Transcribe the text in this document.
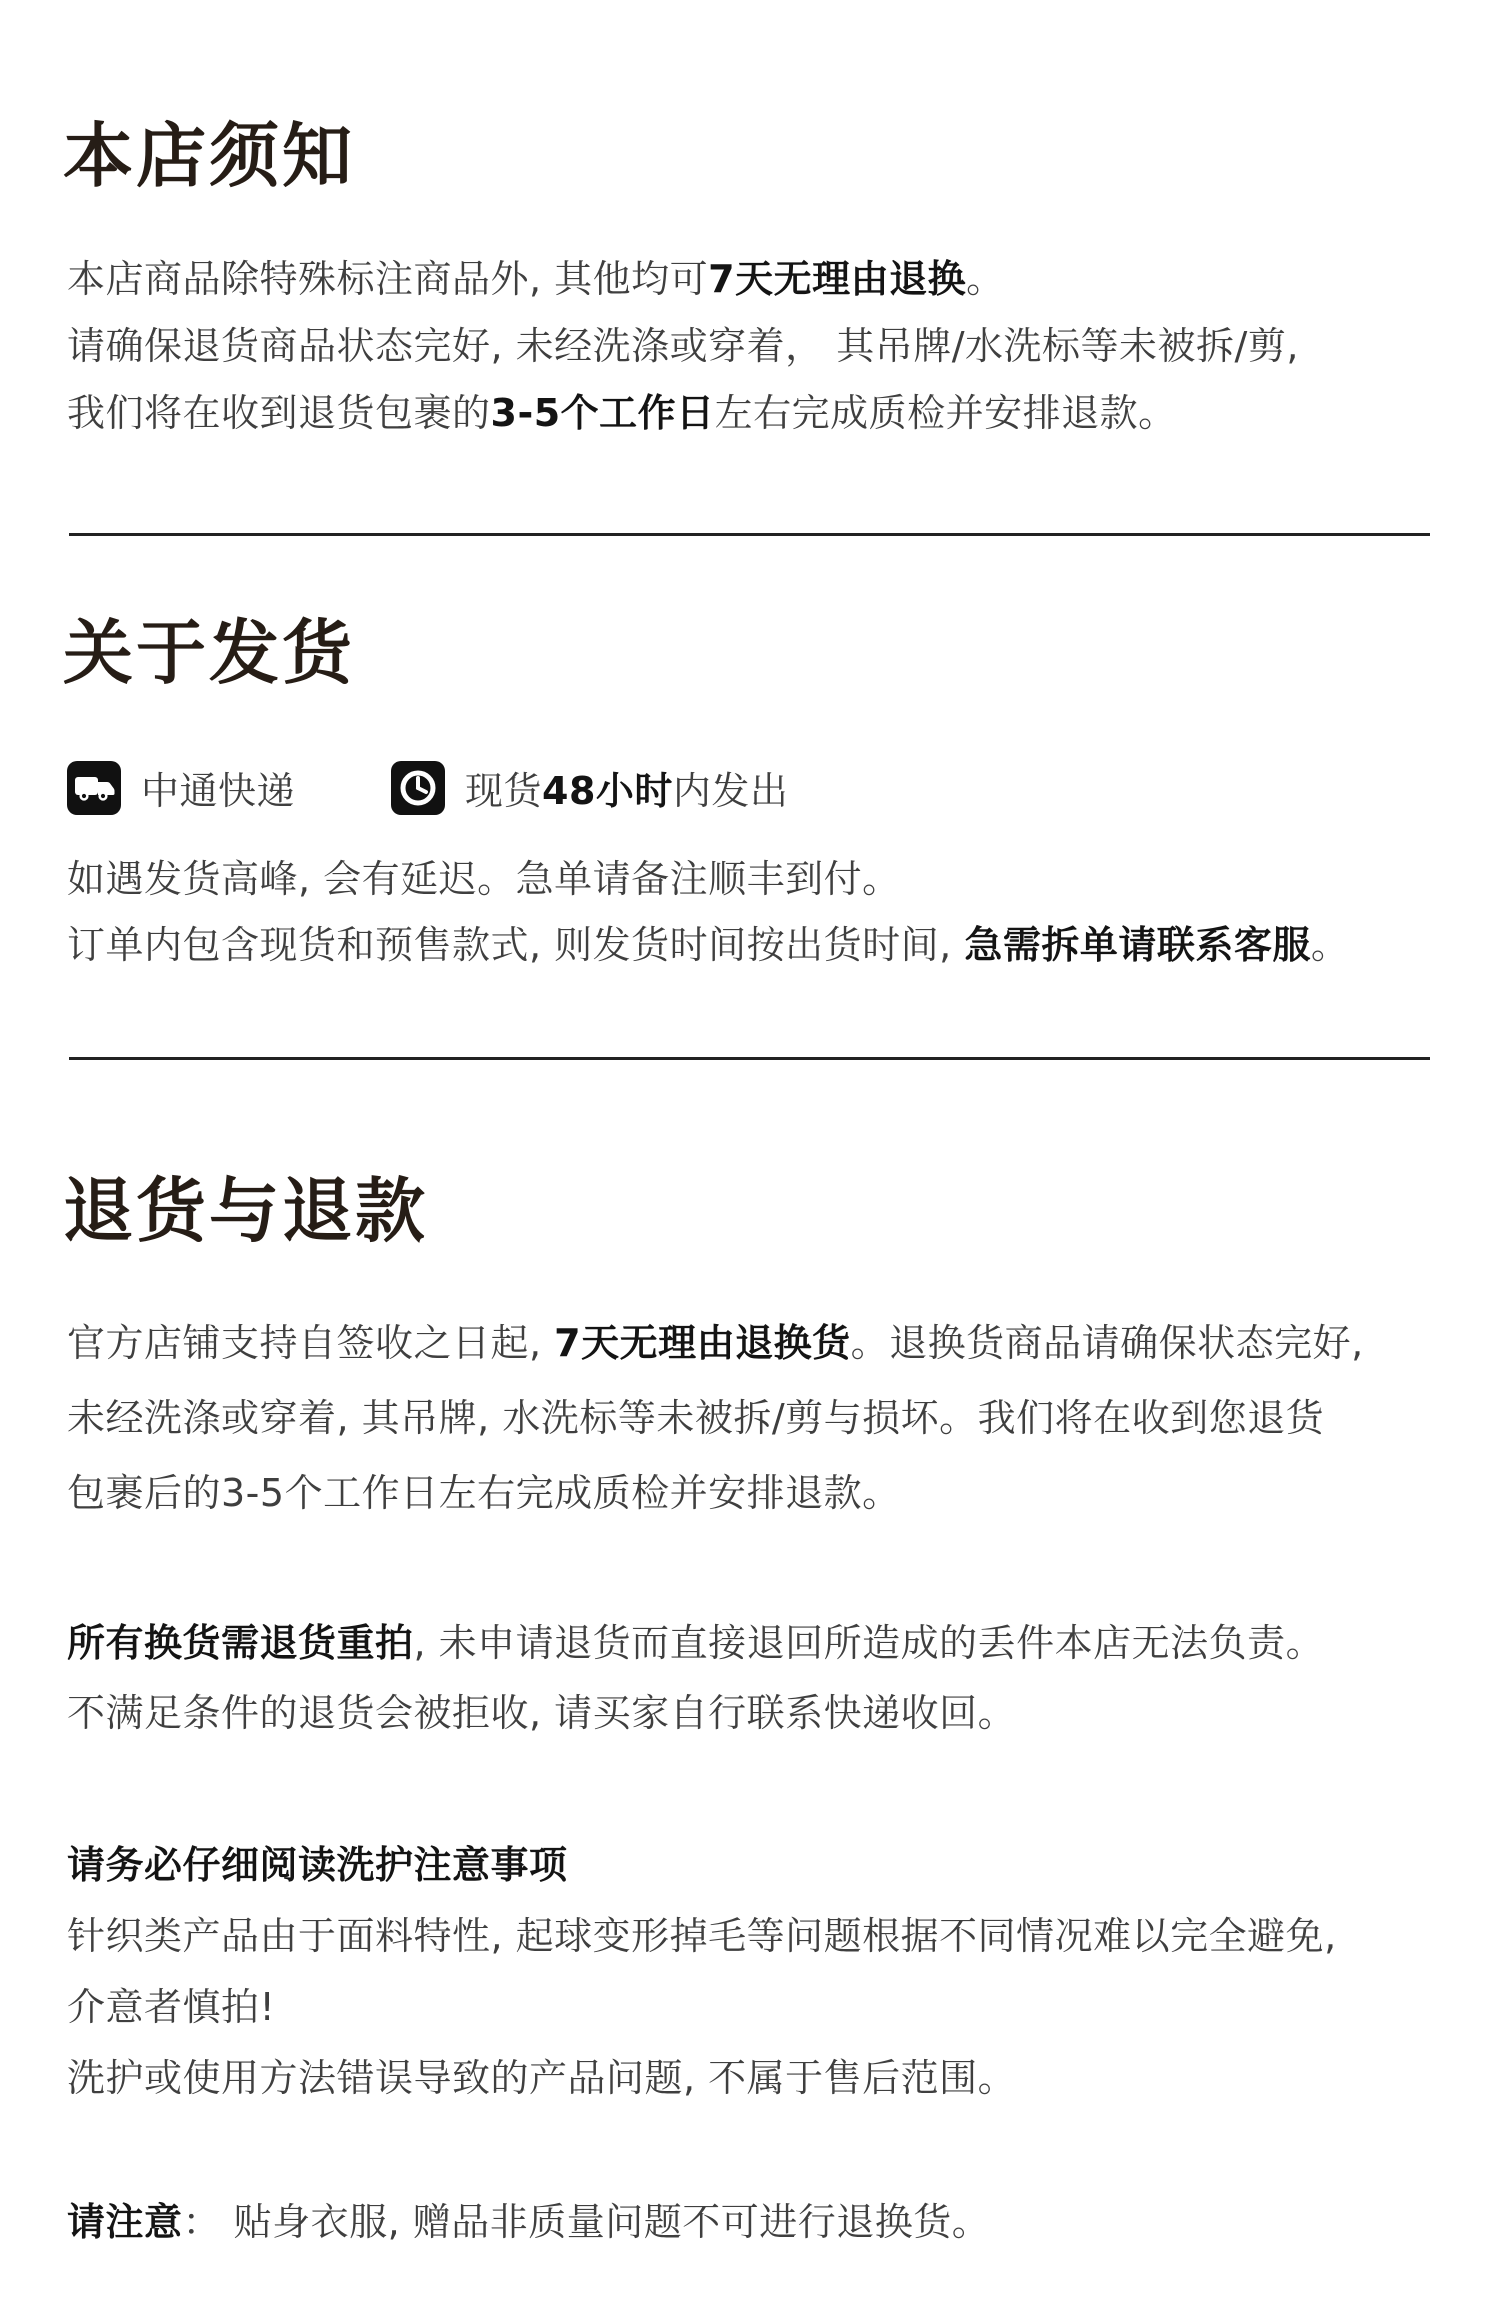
本店须知
本店商品除特殊标注商品外, 其他均可7天无理由退换。
请确保退货商品状态完好, 未经洗涤或穿着， 其吊牌/水洗标等未被拆/剪,
我们将在收到退货包裹的3-5个工作日左右完成质检并安排退款。
关于发货
中通快递	现货48小时内发出
如遇发货高峰, 会有延迟。急单请备注顺丰到付。
订单内包含现货和预售款式, 则发货时间按出货时间, 急需拆单请联系客服。
退货与退款
官方店铺支持自签收之日起, 7天无理由退换货。退换货商品请确保状态完好,
未经洗涤或穿着, 其吊牌, 水洗标等未被拆/剪与损坏。我们将在收到您退货
包裹后的3-5个工作日左右完成质检并安排退款。
所有换货需退货重拍, 未申请退货而直接退回所造成的丢件本店无法负责。
不满足条件的退货会被拒收, 请买家自行联系快递收回。
请务必仔细阅读洗护注意事项
针织类产品由于面料特性, 起球变形掉毛等问题根据不同情况难以完全避免,
介意者慎拍!
洗护或使用方法错误导致的产品问题, 不属于售后范围。
请注意： 贴身衣服, 赠品非质量问题不可进行退换货。
